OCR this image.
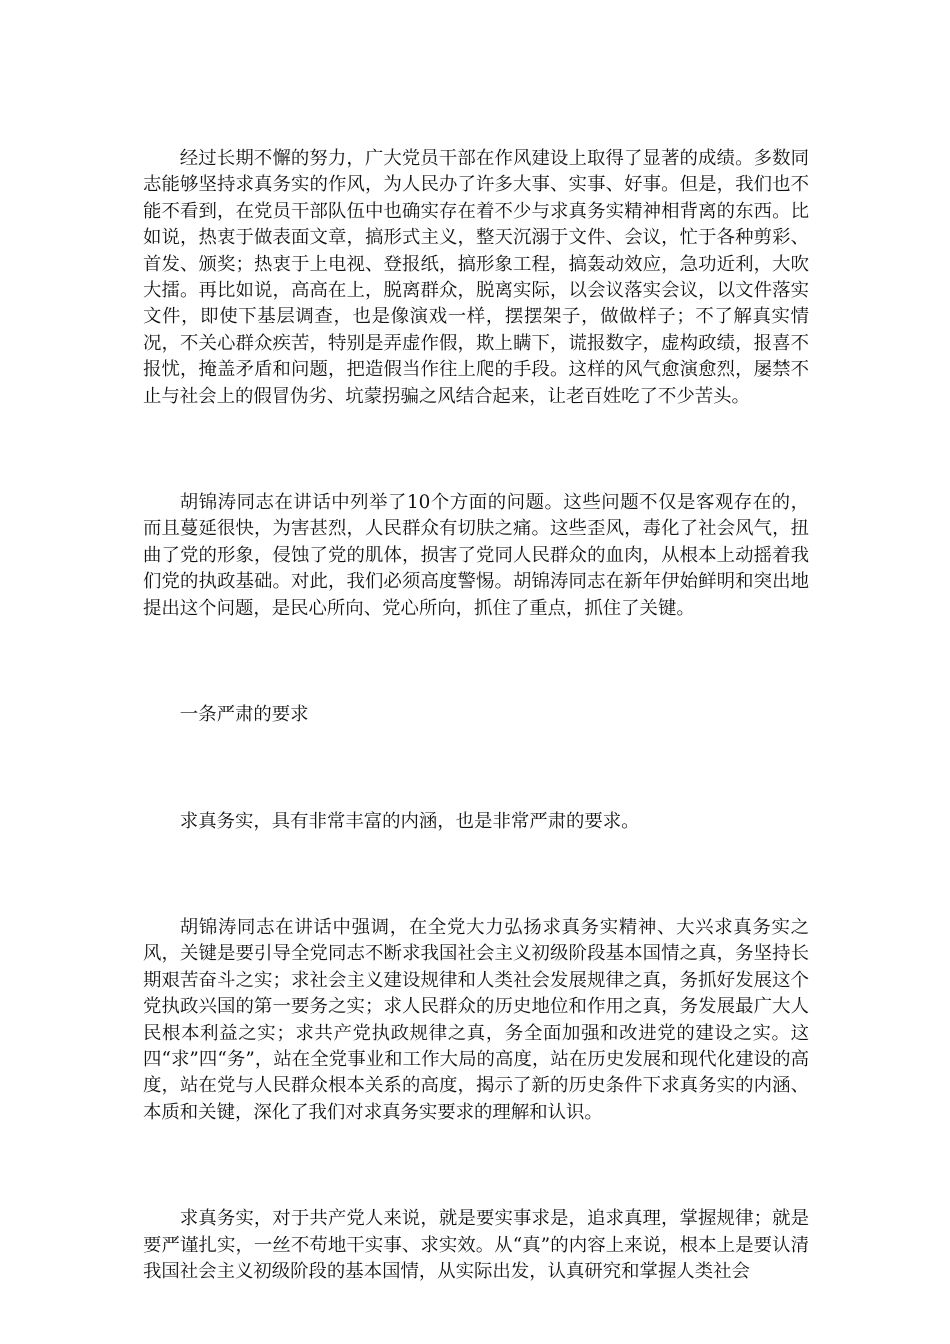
经过长期不懈的努力，广大党员干部在作风建设上取得了显著的成绩。多数同志能够坚持求真务实的作风，为人民办了许多大事、实事、好事。但是，我们也不能不看到，在党员干部队伍中也确实存在着不少与求真务实精神相背离的东西。比如说，热衷于做表面文章，搞形式主义，整天沉溺于文件、会议，忙于各种剪彩、首发、颁奖；热衷于上电视、登报纸，搞形象工程，搞轰动效应，急功近利，大吹大擂。再比如说，高高在上，脱离群众，脱离实际，以会议落实会议，以文件落实文件，即使下基层调查，也是像演戏一样，摆摆架子，做做样子；不了解真实情况，不关心群众疾苦，特别是弄虚作假，欺上瞒下，谎报数字，虚构政绩，报喜不报忧，掩盖矛盾和问题，把造假当作往上爬的手段。这样的风气愈演愈烈，屡禁不止与社会上的假冒伪劣、坑蒙拐骗之风结合起来，让老百姓吃了不少苦头。

胡锦涛同志在讲话中列举了10个方面的问题。这些问题不仅是客观存在的，而且蔓延很快，为害甚烈，人民群众有切肤之痛。这些歪风，毒化了社会风气，扭曲了党的形象，侵蚀了党的肌体，损害了党同人民群众的血肉，从根本上动摇着我们党的执政基础。对此，我们必须高度警惕。胡锦涛同志在新年伊始鲜明和突出地提出这个问题，是民心所向、党心所向，抓住了重点，抓住了关键。

一条严肃的要求

求真务实，具有非常丰富的内涵，也是非常严肃的要求。

胡锦涛同志在讲话中强调，在全党大力弘扬求真务实精神、大兴求真务实之风，关键是要引导全党同志不断求我国社会主义初级阶段基本国情之真，务坚持长期艰苦奋斗之实；求社会主义建设规律和人类社会发展规律之真，务抓好发展这个党执政兴国的第一要务之实；求人民群众的历史地位和作用之真，务发展最广大人民根本利益之实；求共产党执政规律之真，务全面加强和改进党的建设之实。这四“求”四“务”，站在全党事业和工作大局的高度，站在历史发展和现代化建设的高度，站在党与人民群众根本关系的高度，揭示了新的历史条件下求真务实的内涵、本质和关键，深化了我们对求真务实要求的理解和认识。

求真务实，对于共产党人来说，就是要实事求是，追求真理，掌握规律；就是要严谨扎实，一丝不苟地干实事、求实效。从“真”的内容上来说，根本上是要认清我国社会主义初级阶段的基本国情，从实际出发，认真研究和掌握人类社会
